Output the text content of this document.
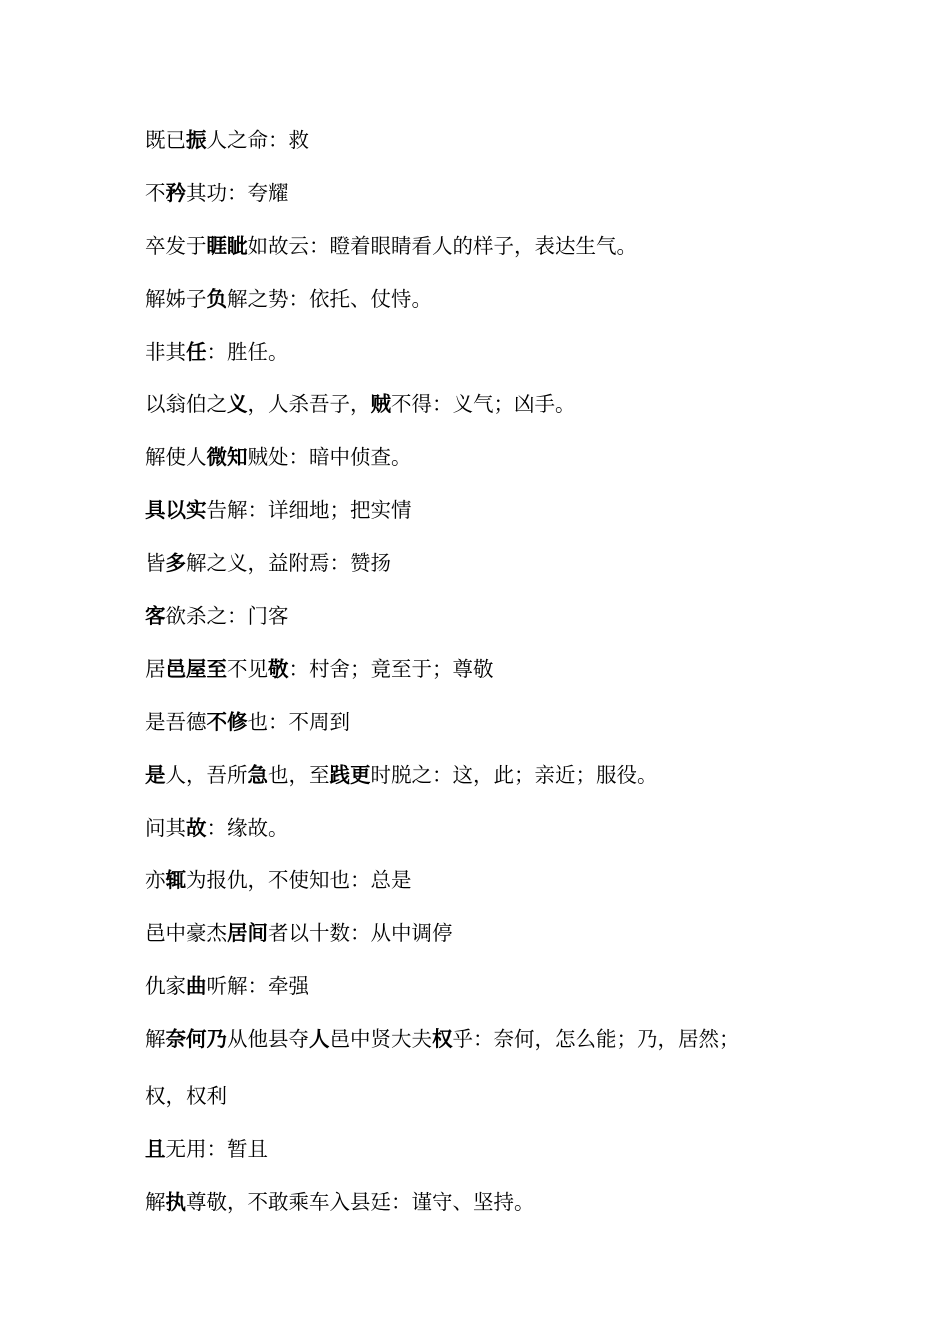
既已振人之命：救
不矜其功：夸耀
卒发于睚眦如故云：瞪着眼睛看人的样子，表达生气。
解姊子负解之势：依托、仗恃。
非其任：胜任。
以翁伯之义，人杀吾子，贼不得：义气；凶手。
解使人微知贼处：暗中侦查。
具以实告解：详细地；把实情
皆多解之义，益附焉：赞扬
客欲杀之：门客
居邑屋至不见敬：村舍；竟至于；尊敬
是吾德不修也：不周到
是人，吾所急也，至践更时脱之：这，此；亲近；服役。
问其故：缘故。
亦辄为报仇，不使知也：总是
邑中豪杰居间者以十数：从中调停
仇家曲听解：牵强
解奈何乃从他县夺人邑中贤大夫权乎：奈何，怎么能；乃，居然；
权，权利
且无用：暂且
解执尊敬，不敢乘车入县廷：谨守、坚持。
